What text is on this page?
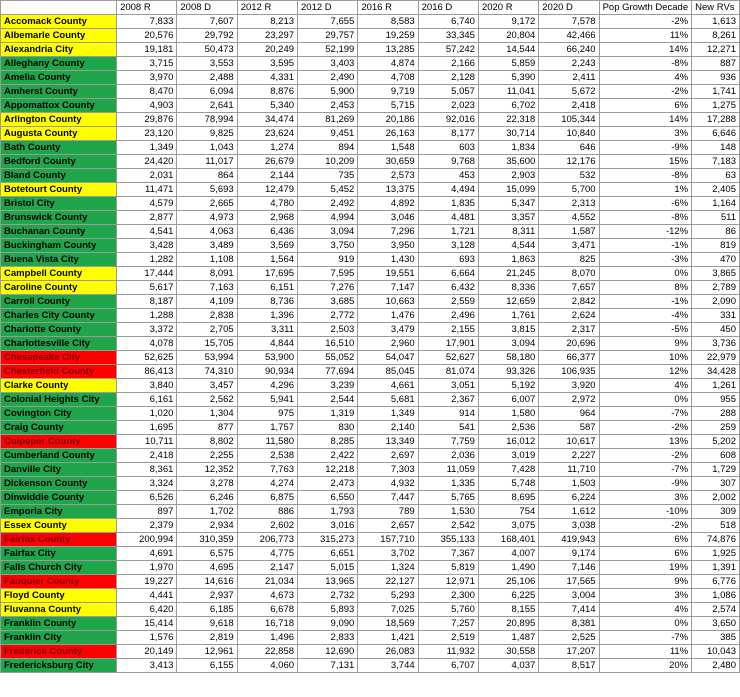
	2008 R	2008 D	2012 R	2012 D	2016 R	2016 D	2020 R	2020 D	Pop Growth Decade	New RVs
Accomack County	7,833	7,607	8,213	7,655	8,583	6,740	9,172	7,578	-2%	1,613
Albemarle County	20,576	29,792	23,297	29,757	19,259	33,345	20,804	42,466	11%	8,261
Alexandria City	19,181	50,473	20,249	52,199	13,285	57,242	14,544	66,240	14%	12,271
Alleghany County	3,715	3,553	3,595	3,403	4,874	2,166	5,859	2,243	-8%	887
Amelia County	3,970	2,488	4,331	2,490	4,708	2,128	5,390	2,411	4%	936
Amherst County	8,470	6,094	8,876	5,900	9,719	5,057	11,041	5,672	-2%	1,741
Appomattox County	4,903	2,641	5,340	2,453	5,715	2,023	6,702	2,418	6%	1,275
Arlington County	29,876	78,994	34,474	81,269	20,186	92,016	22,318	105,344	14%	17,288
Augusta County	23,120	9,825	23,624	9,451	26,163	8,177	30,714	10,840	3%	6,646
Bath County	1,349	1,043	1,274	894	1,548	603	1,834	646	-9%	148
Bedford County	24,420	11,017	26,679	10,209	30,659	9,768	35,600	12,176	15%	7,183
Bland County	2,031	864	2,144	735	2,573	453	2,903	532	-8%	63
Botetourt County	11,471	5,693	12,479	5,452	13,375	4,494	15,099	5,700	1%	2,405
Bristol City	4,579	2,665	4,780	2,492	4,892	1,835	5,347	2,313	-6%	1,164
Brunswick County	2,877	4,973	2,968	4,994	3,046	4,481	3,357	4,552	-8%	511
Buchanan County	4,541	4,063	6,436	3,094	7,296	1,721	8,311	1,587	-12%	86
Buckingham County	3,428	3,489	3,569	3,750	3,950	3,128	4,544	3,471	-1%	819
Buena Vista City	1,282	1,108	1,564	919	1,430	693	1,863	825	-3%	470
Campbell County	17,444	8,091	17,695	7,595	19,551	6,664	21,245	8,070	0%	3,865
Caroline County	5,617	7,163	6,151	7,276	7,147	6,432	8,336	7,657	8%	2,789
Carroll County	8,187	4,109	8,736	3,685	10,663	2,559	12,659	2,842	-1%	2,090
Charles City County	1,288	2,838	1,396	2,772	1,476	2,496	1,761	2,624	-4%	331
Charlotte County	3,372	2,705	3,311	2,503	3,479	2,155	3,815	2,317	-5%	450
Charlottesville City	4,078	15,705	4,844	16,510	2,960	17,901	3,094	20,696	9%	3,736
Chesapeake City	52,625	53,994	53,900	55,052	54,047	52,627	58,180	66,377	10%	22,979
Chesterfield County	86,413	74,310	90,934	77,694	85,045	81,074	93,326	106,935	12%	34,428
Clarke County	3,840	3,457	4,296	3,239	4,661	3,051	5,192	3,920	4%	1,261
Colonial Heights City	6,161	2,562	5,941	2,544	5,681	2,367	6,007	2,972	0%	955
Covington City	1,020	1,304	975	1,319	1,349	914	1,580	964	-7%	288
Craig County	1,695	877	1,757	830	2,140	541	2,536	587	-2%	259
Culpeper County	10,711	8,802	11,580	8,285	13,349	7,759	16,012	10,617	13%	5,202
Cumberland County	2,418	2,255	2,538	2,422	2,697	2,036	3,019	2,227	-2%	608
Danville City	8,361	12,352	7,763	12,218	7,303	11,059	7,428	11,710	-7%	1,729
Dickenson County	3,324	3,278	4,274	2,473	4,932	1,335	5,748	1,503	-9%	307
Dinwiddie County	6,526	6,246	6,875	6,550	7,447	5,765	8,695	6,224	3%	2,002
Emporia City	897	1,702	886	1,793	789	1,530	754	1,612	-10%	309
Essex County	2,379	2,934	2,602	3,016	2,657	2,542	3,075	3,038	-2%	518
Fairfax County	200,994	310,359	206,773	315,273	157,710	355,133	168,401	419,943	6%	74,876
Fairfax City	4,691	6,575	4,775	6,651	3,702	7,367	4,007	9,174	6%	1,925
Falls Church City	1,970	4,695	2,147	5,015	1,324	5,819	1,490	7,146	19%	1,391
Fauquier County	19,227	14,616	21,034	13,965	22,127	12,971	25,106	17,565	9%	6,776
Floyd County	4,441	2,937	4,673	2,732	5,293	2,300	6,225	3,004	3%	1,086
Fluvanna County	6,420	6,185	6,678	5,893	7,025	5,760	8,155	7,414	4%	2,574
Franklin County	15,414	9,618	16,718	9,090	18,569	7,257	20,895	8,381	0%	3,650
Franklin City	1,576	2,819	1,496	2,833	1,421	2,519	1,487	2,525	-7%	385
Frederick County	20,149	12,961	22,858	12,690	26,083	11,932	30,558	17,207	11%	10,043
Fredericksburg City	3,413	6,155	4,060	7,131	3,744	6,707	4,037	8,517	20%	2,480
